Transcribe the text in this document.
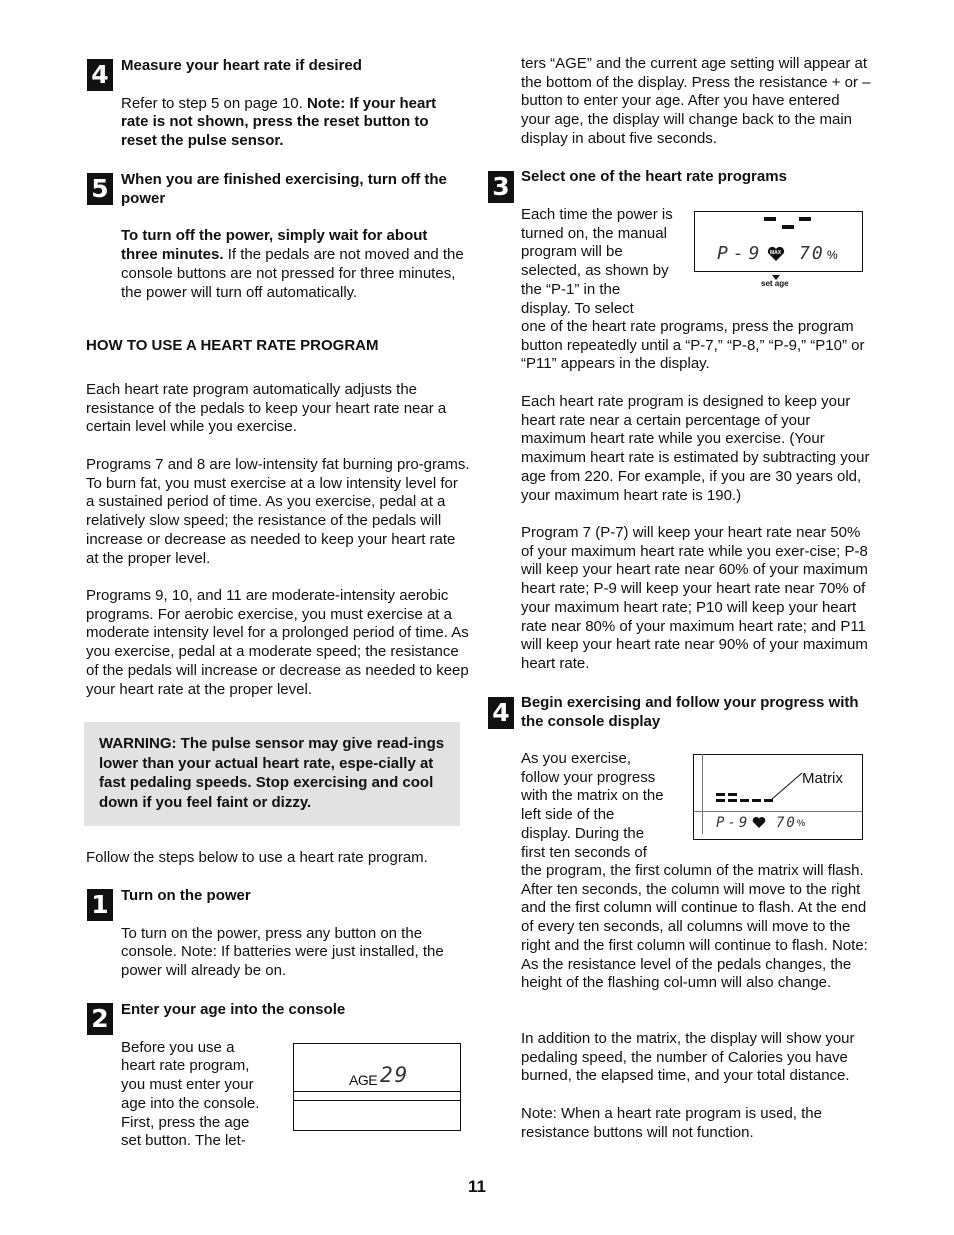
4 Measure your heart rate if desired

Refer to step 5 on page 10. Note: If your heart rate is not shown, press the reset button to reset the pulse sensor.

5 When you are finished exercising, turn off the power

To turn off the power, simply wait for about three minutes. If the pedals are not moved and the console buttons are not pressed for three minutes, the power will turn off automatically.

HOW TO USE A HEART RATE PROGRAM

Each heart rate program automatically adjusts the resistance of the pedals to keep your heart rate near a certain level while you exercise.

Programs 7 and 8 are low-intensity fat burning pro-grams. To burn fat, you must exercise at a low intensity level for a sustained period of time. As you exercise, pedal at a relatively slow speed; the resistance of the pedals will increase or decrease as needed to keep your heart rate at the proper level.

Programs 9, 10, and 11 are moderate-intensity aerobic programs. For aerobic exercise, you must exercise at a moderate intensity level for a prolonged period of time. As you exercise, pedal at a moderate speed; the resistance of the pedals will increase or decrease as needed to keep your heart rate at the proper level.

WARNING: The pulse sensor may give read-ings lower than your actual heart rate, espe-cially at fast pedaling speeds. Stop exercising and cool down if you feel faint or dizzy.

Follow the steps below to use a heart rate program.

1 Turn on the power

To turn on the power, press any button on the console. Note: If batteries were just installed, the power will already be on.

2 Enter your age into the console

Before you use a heart rate program, you must enter your age into the console. First, press the age set button. The let-

AGE 29

ters “AGE” and the current age setting will appear at the bottom of the display. Press the resistance + or – button to enter your age. After you have entered your age, the display will change back to the main display in about five seconds.

3 Select one of the heart rate programs

Each time the power is turned on, the manual program will be selected, as shown by the “P-1” in the display. To select

one of the heart rate programs, press the program button repeatedly until a “P-7,” “P-8,” “P-9,” “P10” or “P11” appears in the display.

P-9 MAX 70 %
set age

Each heart rate program is designed to keep your heart rate near a certain percentage of your maximum heart rate while you exercise. (Your maximum heart rate is estimated by subtracting your age from 220. For example, if you are 30 years old, your maximum heart rate is 190.)

Program 7 (P-7) will keep your heart rate near 50% of your maximum heart rate while you exer-cise; P-8 will keep your heart rate near 60% of your maximum heart rate; P-9 will keep your heart rate near 70% of your maximum heart rate; P10 will keep your heart rate near 80% of your maximum heart rate; and P11 will keep your heart rate near 90% of your maximum heart rate.

4 Begin exercising and follow your progress with the console display

As you exercise, follow your progress with the matrix on the left side of the display. During the first ten seconds of

the program, the first column of the matrix will flash. After ten seconds, the column will move to the right and the first column will continue to flash. At the end of every ten seconds, all columns will move to the right and the first column will continue to flash. Note: As the resistance level of the pedals changes, the height of the flashing col-umn will also change.

Matrix
P-9 70 %

In addition to the matrix, the display will show your pedaling speed, the number of Calories you have burned, the elapsed time, and your total distance.

Note: When a heart rate program is used, the resistance buttons will not function.

11
